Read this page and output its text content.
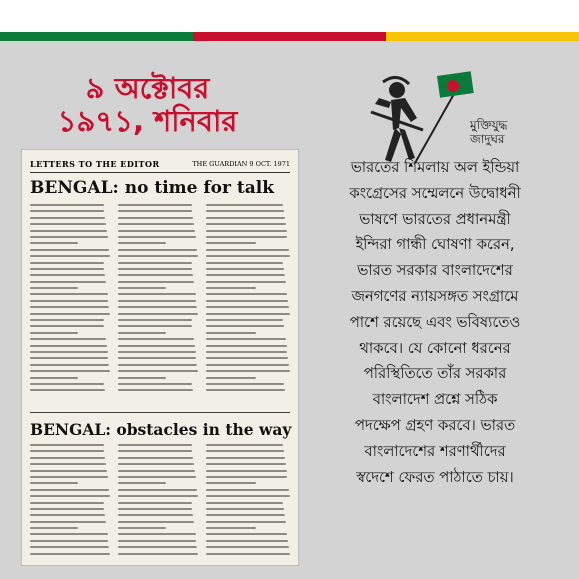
৯ অক্টোবর
১৯৭১, শনিবার	মুক্তিযুদ্ধ
জাদুঘর
LETTERS TO THE EDITOR	THE GUARDIAN 9 OCT. 1971
BENGAL: no time for talk
BENGAL: obstacles in the way
ভারতের শিমলায় অল ইন্ডিয়া
কংগ্রেসের সম্মেলনে উদ্বোধনী
ভাষণে ভারতের প্রধানমন্ত্রী
ইন্দিরা গান্ধী ঘোষণা করেন,
ভারত সরকার বাংলাদেশের
জনগণের ন্যায়সঙ্গত সংগ্রামে
পাশে রয়েছে এবং ভবিষ্যতেও
থাকবে। যে কোনো ধরনের
পরিস্থিতিতে তাঁর সরকার
বাংলাদেশ প্রশ্নে সঠিক
পদক্ষেপ গ্রহণ করবে। ভারত
বাংলাদেশের শরণার্থীদের
স্বদেশে ফেরত পাঠাতে চায়।
